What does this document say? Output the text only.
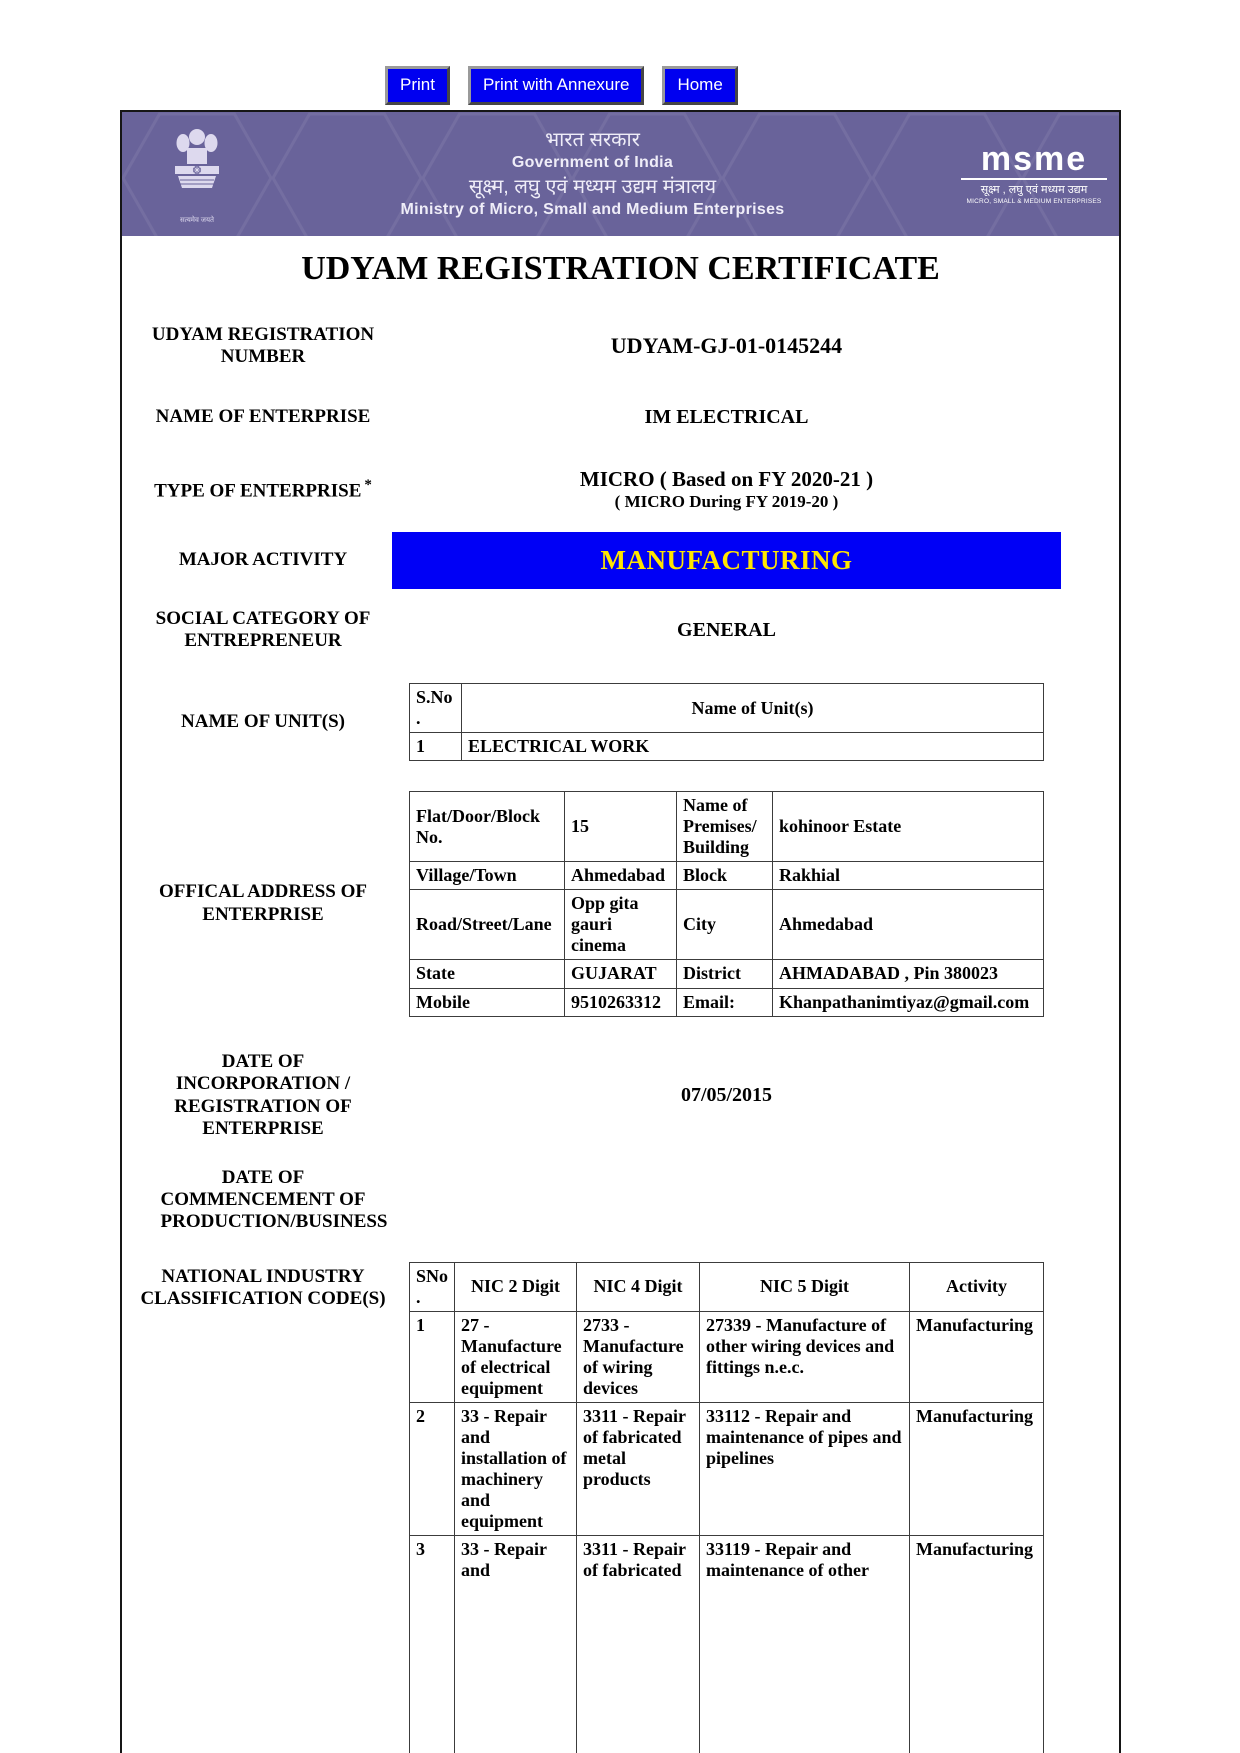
Print	Print with Annexure	Home
सत्यमेव जयते
भारत सरकार
Government of India
सूक्ष्म, लघु एवं मध्यम उद्यम मंत्रालय
Ministry of Micro, Small and Medium Enterprises
msme
सूक्ष्म , लघु एवं मध्यम उद्यम
MICRO, SMALL & MEDIUM ENTERPRISES
UDYAM REGISTRATION CERTIFICATE
UDYAM REGISTRATION NUMBER	UDYAM-GJ-01-0145244
NAME OF ENTERPRISE	IM ELECTRICAL
TYPE OF ENTERPRISE *	MICRO ( Based on FY 2020-21 )
( MICRO During FY 2019-20 )
MAJOR ACTIVITY	MANUFACTURING
SOCIAL CATEGORY OF ENTREPRENEUR	GENERAL
NAME OF UNIT(S)
S.No.	Name of Unit(s)
1	ELECTRICAL WORK
OFFICAL ADDRESS OF ENTERPRISE
Flat/Door/Block No.	15	Name of Premises/ Building	kohinoor Estate
Village/Town	Ahmedabad	Block	Rakhial
Road/Street/Lane	Opp gita gauri cinema	City	Ahmedabad
State	GUJARAT	District	AHMADABAD , Pin 380023
Mobile	9510263312	Email:	Khanpathanimtiyaz@gmail.com
DATE OF INCORPORATION / REGISTRATION OF ENTERPRISE
07/05/2015
DATE OF COMMENCEMENT OF PRODUCTION/BUSINESS
NATIONAL INDUSTRY CLASSIFICATION CODE(S)
SNo.	NIC 2 Digit	NIC 4 Digit	NIC 5 Digit	Activity
1	27 - Manufacture of electrical equipment	2733 - Manufacture of wiring devices	27339 - Manufacture of other wiring devices and fittings n.e.c.	Manufacturing
2	33 - Repair and installation of machinery and equipment	3311 - Repair of fabricated metal products	33112 - Repair and maintenance of pipes and pipelines	Manufacturing
3	33 - Repair and	3311 - Repair of fabricated	33119 - Repair and maintenance of other	Manufacturing
